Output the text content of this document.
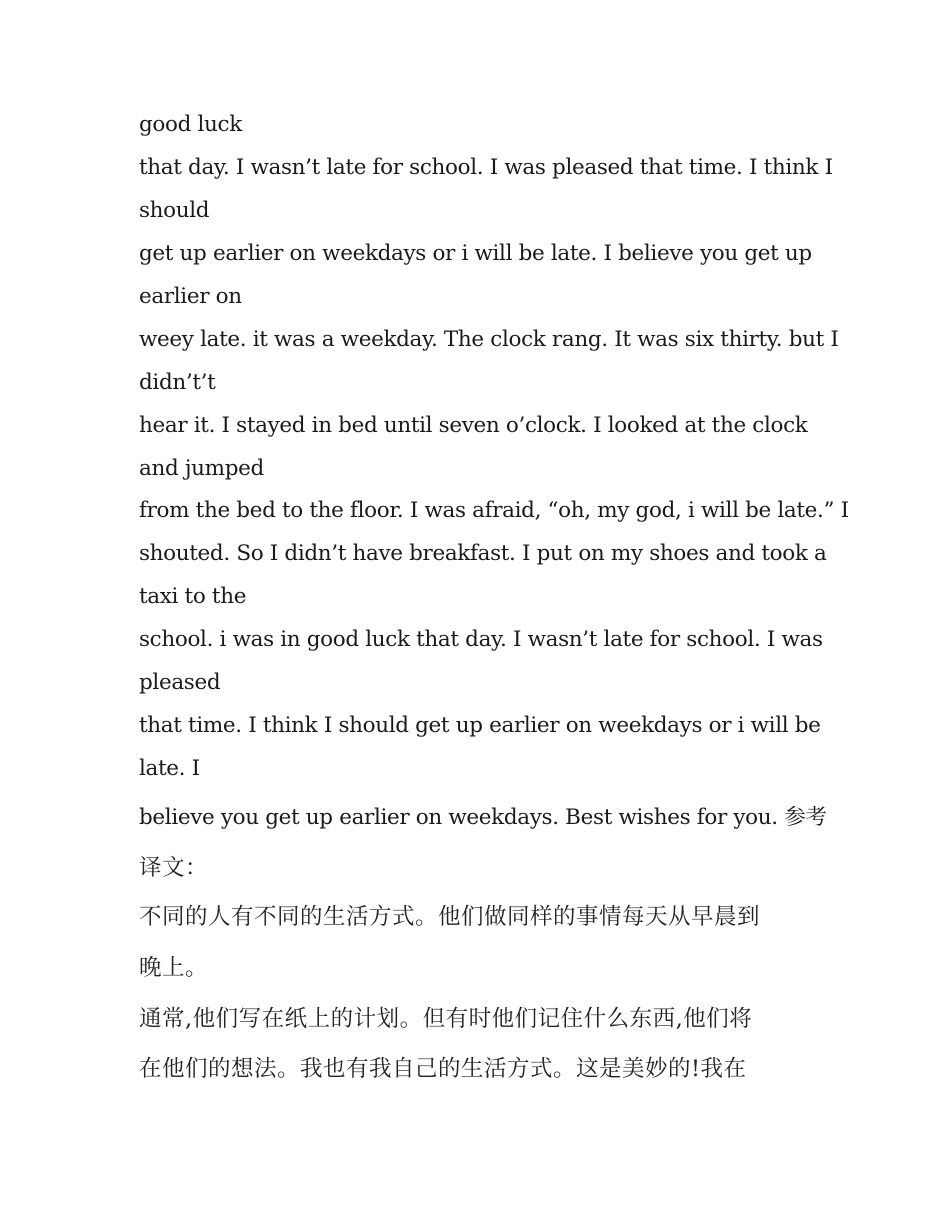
good luck

that day. I wasn’t late for school. I was pleased that time. I think I

should

get up earlier on weekdays or i will be late. I believe you get up

earlier on

weey late. it was a weekday. The clock rang. It was six thirty. but I

didn’t’t

hear it. I stayed in bed until seven o’clock. I looked at the clock

and jumped

from the bed to the floor. I was afraid, “oh, my god, i will be late.” I

shouted. So I didn’t have breakfast. I put on my shoes and took a

taxi to the

school. i was in good luck that day. I wasn’t late for school. I was

pleased

that time. I think I should get up earlier on weekdays or i will be

late. I

believe you get up earlier on weekdays. Best wishes for you. 参考

译文：

不同的人有不同的生活方式。他们做同样的事情每天从早晨到

晚上。

通常,他们写在纸上的计划。但有时他们记住什么东西,他们将

在他们的想法。我也有我自己的生活方式。这是美妙的!我在
